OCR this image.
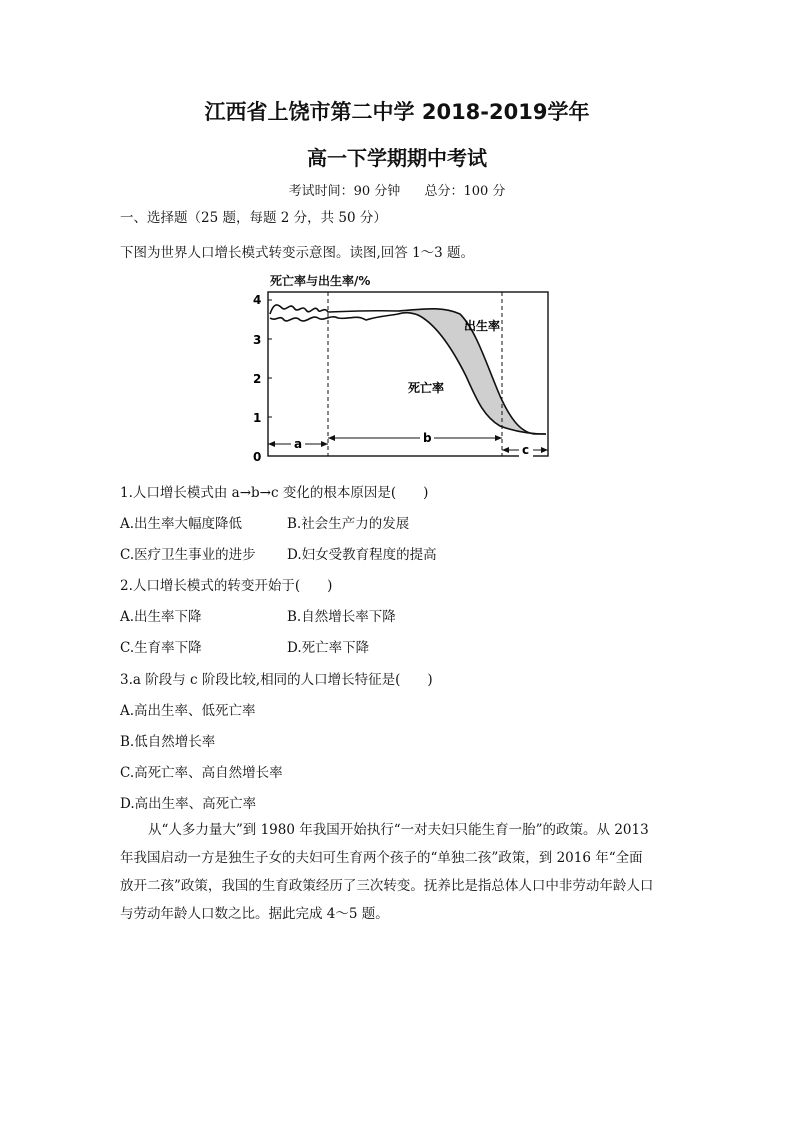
江西省上饶市第二中学 2018-2019学年
高一下学期期中考试
考试时间：90 分钟 总分：100 分
一、选择题（25 题，每题 2 分，共 50 分）
下图为世界人口增长模式转变示意图。读图,回答 1～3 题。
死亡率与出生率/%
4
3
2
1
0
出生率
死亡率
a	b
c
1.人口增长模式由 a→b→c 变化的根本原因是(　　)
A.出生率大幅度降低	B.社会生产力的发展
C.医疗卫生事业的进步 D.妇女受教育程度的提高
2.人口增长模式的转变开始于(　　)
A.出生率下降	B.自然增长率下降
C.生育率下降	D.死亡率下降
3.a 阶段与 c 阶段比较,相同的人口增长特征是(　　)
A.高出生率、低死亡率
B.低自然增长率
C.高死亡率、高自然增长率
D.高出生率、高死亡率
从“人多力量大”到 1980 年我国开始执行“一对夫妇只能生育一胎”的政策。从 2013
年我国启动一方是独生子女的夫妇可生育两个孩子的“单独二孩”政策，到 2016 年“全面
放开二孩”政策，我国的生育政策经历了三次转变。抚养比是指总体人口中非劳动年龄人口
与劳动年龄人口数之比。据此完成 4～5 题。
